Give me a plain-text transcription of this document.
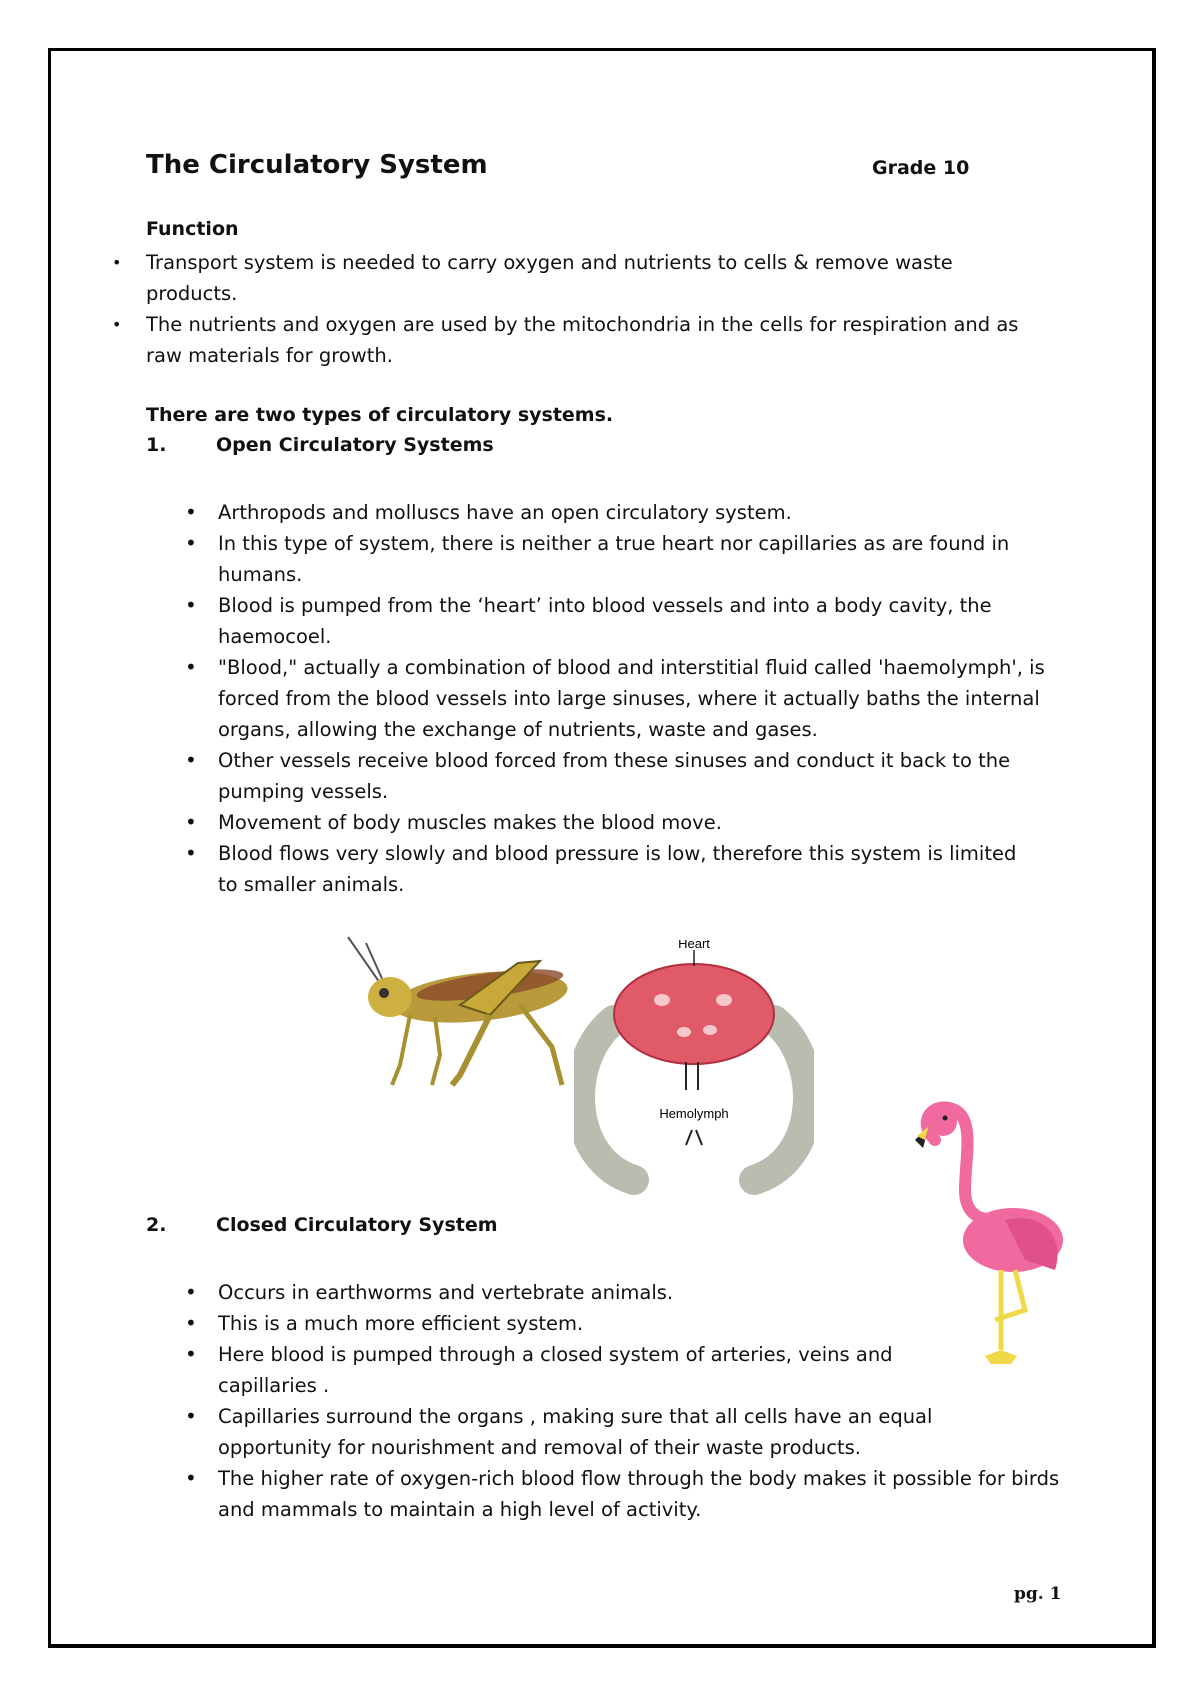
The Circulatory System	Grade 10
Function
• Transport system is needed to carry oxygen and nutrients to cells & remove waste products.
• The nutrients and oxygen are used by the mitochondria in the cells for respiration and as raw materials for growth.
There are two types of circulatory systems.
1.	Open Circulatory Systems
• Arthropods and molluscs have an open circulatory system.
• In this type of system, there is neither a true heart nor capillaries as are found in humans.
• Blood is pumped from the ‘heart’ into blood vessels and into a body cavity, the haemocoel.
• "Blood," actually a combination of blood and interstitial fluid called 'haemolymph', is forced from the blood vessels into large sinuses, where it actually baths the internal organs, allowing the exchange of nutrients, waste and gases.
• Other vessels receive blood forced from these sinuses and conduct it back to the pumping vessels.
• Movement of body muscles makes the blood move.
• Blood flows very slowly and blood pressure is low, therefore this system is limited to smaller animals.
Heart
Hemolymph
2.	Closed Circulatory System
• Occurs in earthworms and vertebrate animals.
• This is a much more efficient system.
• Here blood is pumped through a closed system of arteries, veins and capillaries .
• Capillaries surround the organs , making sure that all cells have an equal opportunity for nourishment and removal of their waste products.
• The higher rate of oxygen-rich blood flow through the body makes it possible for birds and mammals to maintain a high level of activity.
pg. 1
